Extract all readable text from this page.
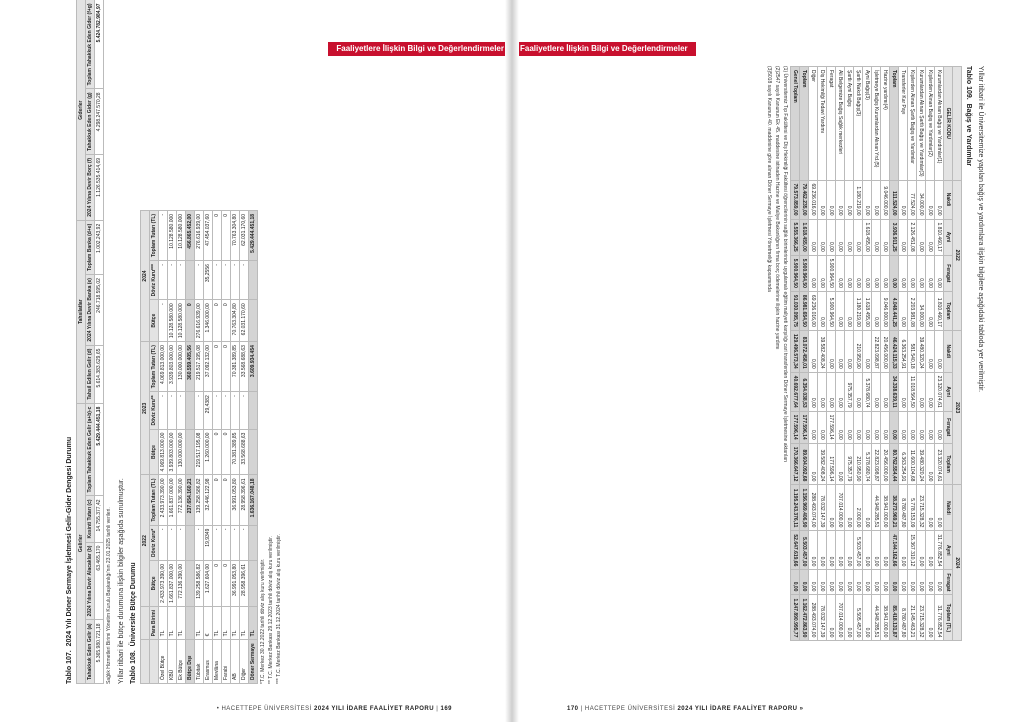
Faaliyetlere İlişkin Bilgi ve Değerlendirmeler
Tablo 107.  2024 Yılı Döner Sermaye İşletmesi Gelir-Gider Dengesi Durumu Gelirler				Tahsilatlar			Giderler		
Tahakkuk Eden Gelir (a)	2024 Yılına Devir Alacaklar (b)	Kesinti Tutarı (c)	Toplam Tahakkuk Eden Gelir (a+b)-c	Tahsil Edilen Gelir (d)	2024 Yılına Devir Banka (e)	Toplam Banka (d+e)	2024 Yılına Devir Borç (f)	Tahakkuk Eden Gider (g)	Toplam Tahakkuk Eden Gider (f+g)
5.365.980.721,18	63.465.170	14.755.377,42	5.429.444.451,18	5.614.383.629,65	246.718.595,02	1.002.243,92	1.126.535.414,69	4.298.247.570,28	5.424.782.984,97
Sağlık Hizmetleri Birimi Yönetim Kurulu Başkanlığı'nın 23.01.2025 tarihli verileri. Yıllar itibari ile bütçe durumuna ilişkin bilgiler aşağıda sunulmuştur. Tablo 108.  Üniversite Bütçe Durumu
		2022			2023			2024		
	Para Birimi	Bütçe	Döviz Kuru*	Toplam Tutarı (TL)	Bütçe	Döviz Kuru**	Toplam Tutarı (TL)	Bütçe	Döviz Kuru***	Toplam Tutarı (TL)
Özel Bütçe	TL	2.433.973.390,00	-	2.433.973.390,00	4.069.813.000,00	-	4.069.813.000,00	-	-	-
KBÜ	TL	1.661.837.000,00	-	1.661.837.000,00	3.939.803.000,00	-	3.939.803.000,00	10.128.580.000	-	10.128.580.000
Ek Bütçe	TL	772.136.390,00	-	772.136.390,00	130.000.000,00	-	130.000.000,00	10.128.580.000	-	10.128.580.000
Bütçe Dışı				237.654.160,21			360.559.405,56	0		456.865.452,00
Tübitak	TL	139.258.586,82	-	139.258.586,82	219.517.195,08	-	219.517.195,08	276.616.939,00	-	276.616.939,00
Erasmus	€	1.627.604,00	19,9349	32.446.122,98	1.260.000,00	29,4382	37.092.132,00	1.346.000,00	35,2556	47.454.037,60
Mevlâna	TL	0	-	0	0	-	0	0	-	0
Farabi	TL	0	-	0	0	-	0	0	-	0
AB	TL	36.991.053,80	-	36.991.053,80	70.381.389,85	-	70.381.389,85	70.763.304,80	-	70.763.304,80
Diğer	TL	28.958.396,61	-	28.958.396,61	33.568.688,63	-	33.568.688,63	62.031.170,60	-	62.031.170,60
Döner Sermaye	TL			1.636.167.048,18			3.609.934.454			5.429.444.451,18
*T.C. Merkez 30.12.2022 tarihli döviz alış kuru verilmiştir. ** T.C. Merkez Bankası 29.12.2023 tarihli döviz alış kuru verilmiştir. *** T.C. Merkez Bankası 31.12.2024 tarihli döviz alış kuru verilmiştir.
• HACETTEPE ÜNİVERSİTESİ 2024 YILI İDARE FAALİYET RAPORU | 169
Faaliyetlere İlişkin Bilgi ve Değerlendirmeler
Yıllar itibari ile Üniversitemize yapılan bağış ve yardımlara ilişkin bilgilere aşağıdaki tabloda yer verilmiştir.
Tablo 109.  Bağış ve Yardımlar
	2022				2023				2024			
GELİR KODU	Nakdi	Ayni	Feragat	Toplam	Nakdi	Ayni	Feragat	Toplam	Nakdi	Ayni	Feragat	Toplam (TL)
Kurumlardan Alınan Bağış ve Yardımlar(1)	0,00	1.810.460,17	0,00	1.810.460,17	0,00	23.320.074,61	0,00	23.320.074,61	0,00	31.776.852,54	0,00	31.776.852,54
Kişilerden Alınan Bağış ve Yardımlar(2)	0,00	0,00	0,00	0,00	0,00	0,00	0,00	0,00	0,00	0,00	0,00	0,00
Kurumlardan Alınan Şartlı Bağış ve Yardımlar(3)	34.000,00	0,00	0,00	34.000,00	39.480.320,24	0,00	0,00	39.480.320,24	23.715.328,32	0,00	0,00	23.715.328,32
Kişilerden Alınan Şartlı Bağış ve Yardımlar	77.524,00	2.126.451,08	0,00	2.203.981,08	581.540,18	11.018.564,50	0,00	11.600.104,68	5.778.153,09	15.367.310,12	0,00	21.145.463,21
Transferler Kar Payı	0,00	0,00	0,00	0,00	6.363.254,91	0,00	0,00	6.363.254,91	8.780.487,80	0,00	0,00	8.780.487,80
Toplam	111.524,00	3.936.911,25	0,00	4.048.441,25	46.424.115,33	34.338.639,11	0,00	80.762.554,44	38.273.969,21	47.144.162,66	0,00	85.418.131,87
Hazine yardımı(4)	9.046.000,00	0,00	0,00	9.046.000,00	20.456.000,00	0,00	0,00	20.456.000,00	38.941.000,00	0,00	0,00	38.941.000,00
İşletmeye Bağış Kurumlardan Alınan Yrd.(5)	0,00	0,00	0,00	0,00	22.823.098,87	0,00	0,00	22.823.098,87	44.948.285,51	0,00	0,00	44.948.285,51
Ayni Bağış(3)	0,00	1.618.455,00	0,00	1.618.455,00	0,00	5.378.680,74	0,00	5.378.680,74	0,00	0,00	0,00	0,00
Şartlı Nakdi Bağış(3)	1.180.219,00	0,00	0,00	1.180.219,00	210.950,90	0,00	0,00	210.950,90	2.000,00	5.503.457,00	0,00	5.505.457,00
Şartlı Ayni Bağış	0,00	0,00	0,00	0,00	0,00	975.357,79	0,00	975.357,79	0,00	0,00	0,00	0,00
Ali Belgemize Bağış Sağlık merkezleri	0,00	0,00	0,00	0,00	0,00	0,00	0,00	0,00	707.014.000,00	0,00	0,00	707.014.000,00
Feragat	0,00	0,00	5.900.964,50	5.900.964,50	0,00	0,00	177.596,14	177.596,14	0,00	0,00	0,00	0,00
Diş Hekimliği Tedavi Yardımı	0,00	0,00	0,00	0,00	39.582.408,24	0,00	0,00	39.582.408,24	78.032.147,39	0,00	0,00	78.032.147,39
Diğer	69.236.016,00	0,00	0,00	69.236.016,00	0,00	0,00	0,00	0,00	288.493.074,00	0,00	0,00	288.493.074,00
Toplam	79.462.235,00	1.618.455,00	5.900.964,50	86.981.654,50	83.072.458,01	6.354.038,53	177.596,14	89.604.092,68	1.156.969.406,90	5.503.457,00	0,00	1.162.472.863,90
Genel Toplam	79.573.859,00	5.555.366,25	5.900.964,50	91.030.095,75	129.496.573,34	40.692.677,64	177.596,14	170.366.647,12	1.195.243.376,11	52.647.619,66	0,00	1.247.890.995,77
(1) Üniversitemiz Tıp Fakültesi ve Diş Hekimliği Fakültesi öğrencilerinin sağlık birimlerinde uygulamalı eğitim maliyeti karşılığı cari transferden Döner Sermaye İşletmesine aktarılan
(2)2547 sayılı Kanunun Ek 45. maddesine istinaden Hazine ve Maliye Bakanlığının firma borç ödemelerine ilişkin hazine yardımı
(3)5018 sayılı Kanunun 40. maddesine göre alınan Döner Sermaye İşletmesi Yönetmeliği kapsamında
170 | HACETTEPE ÜNİVERSİTESİ 2024 YILI İDARE FAALİYET RAPORU »
